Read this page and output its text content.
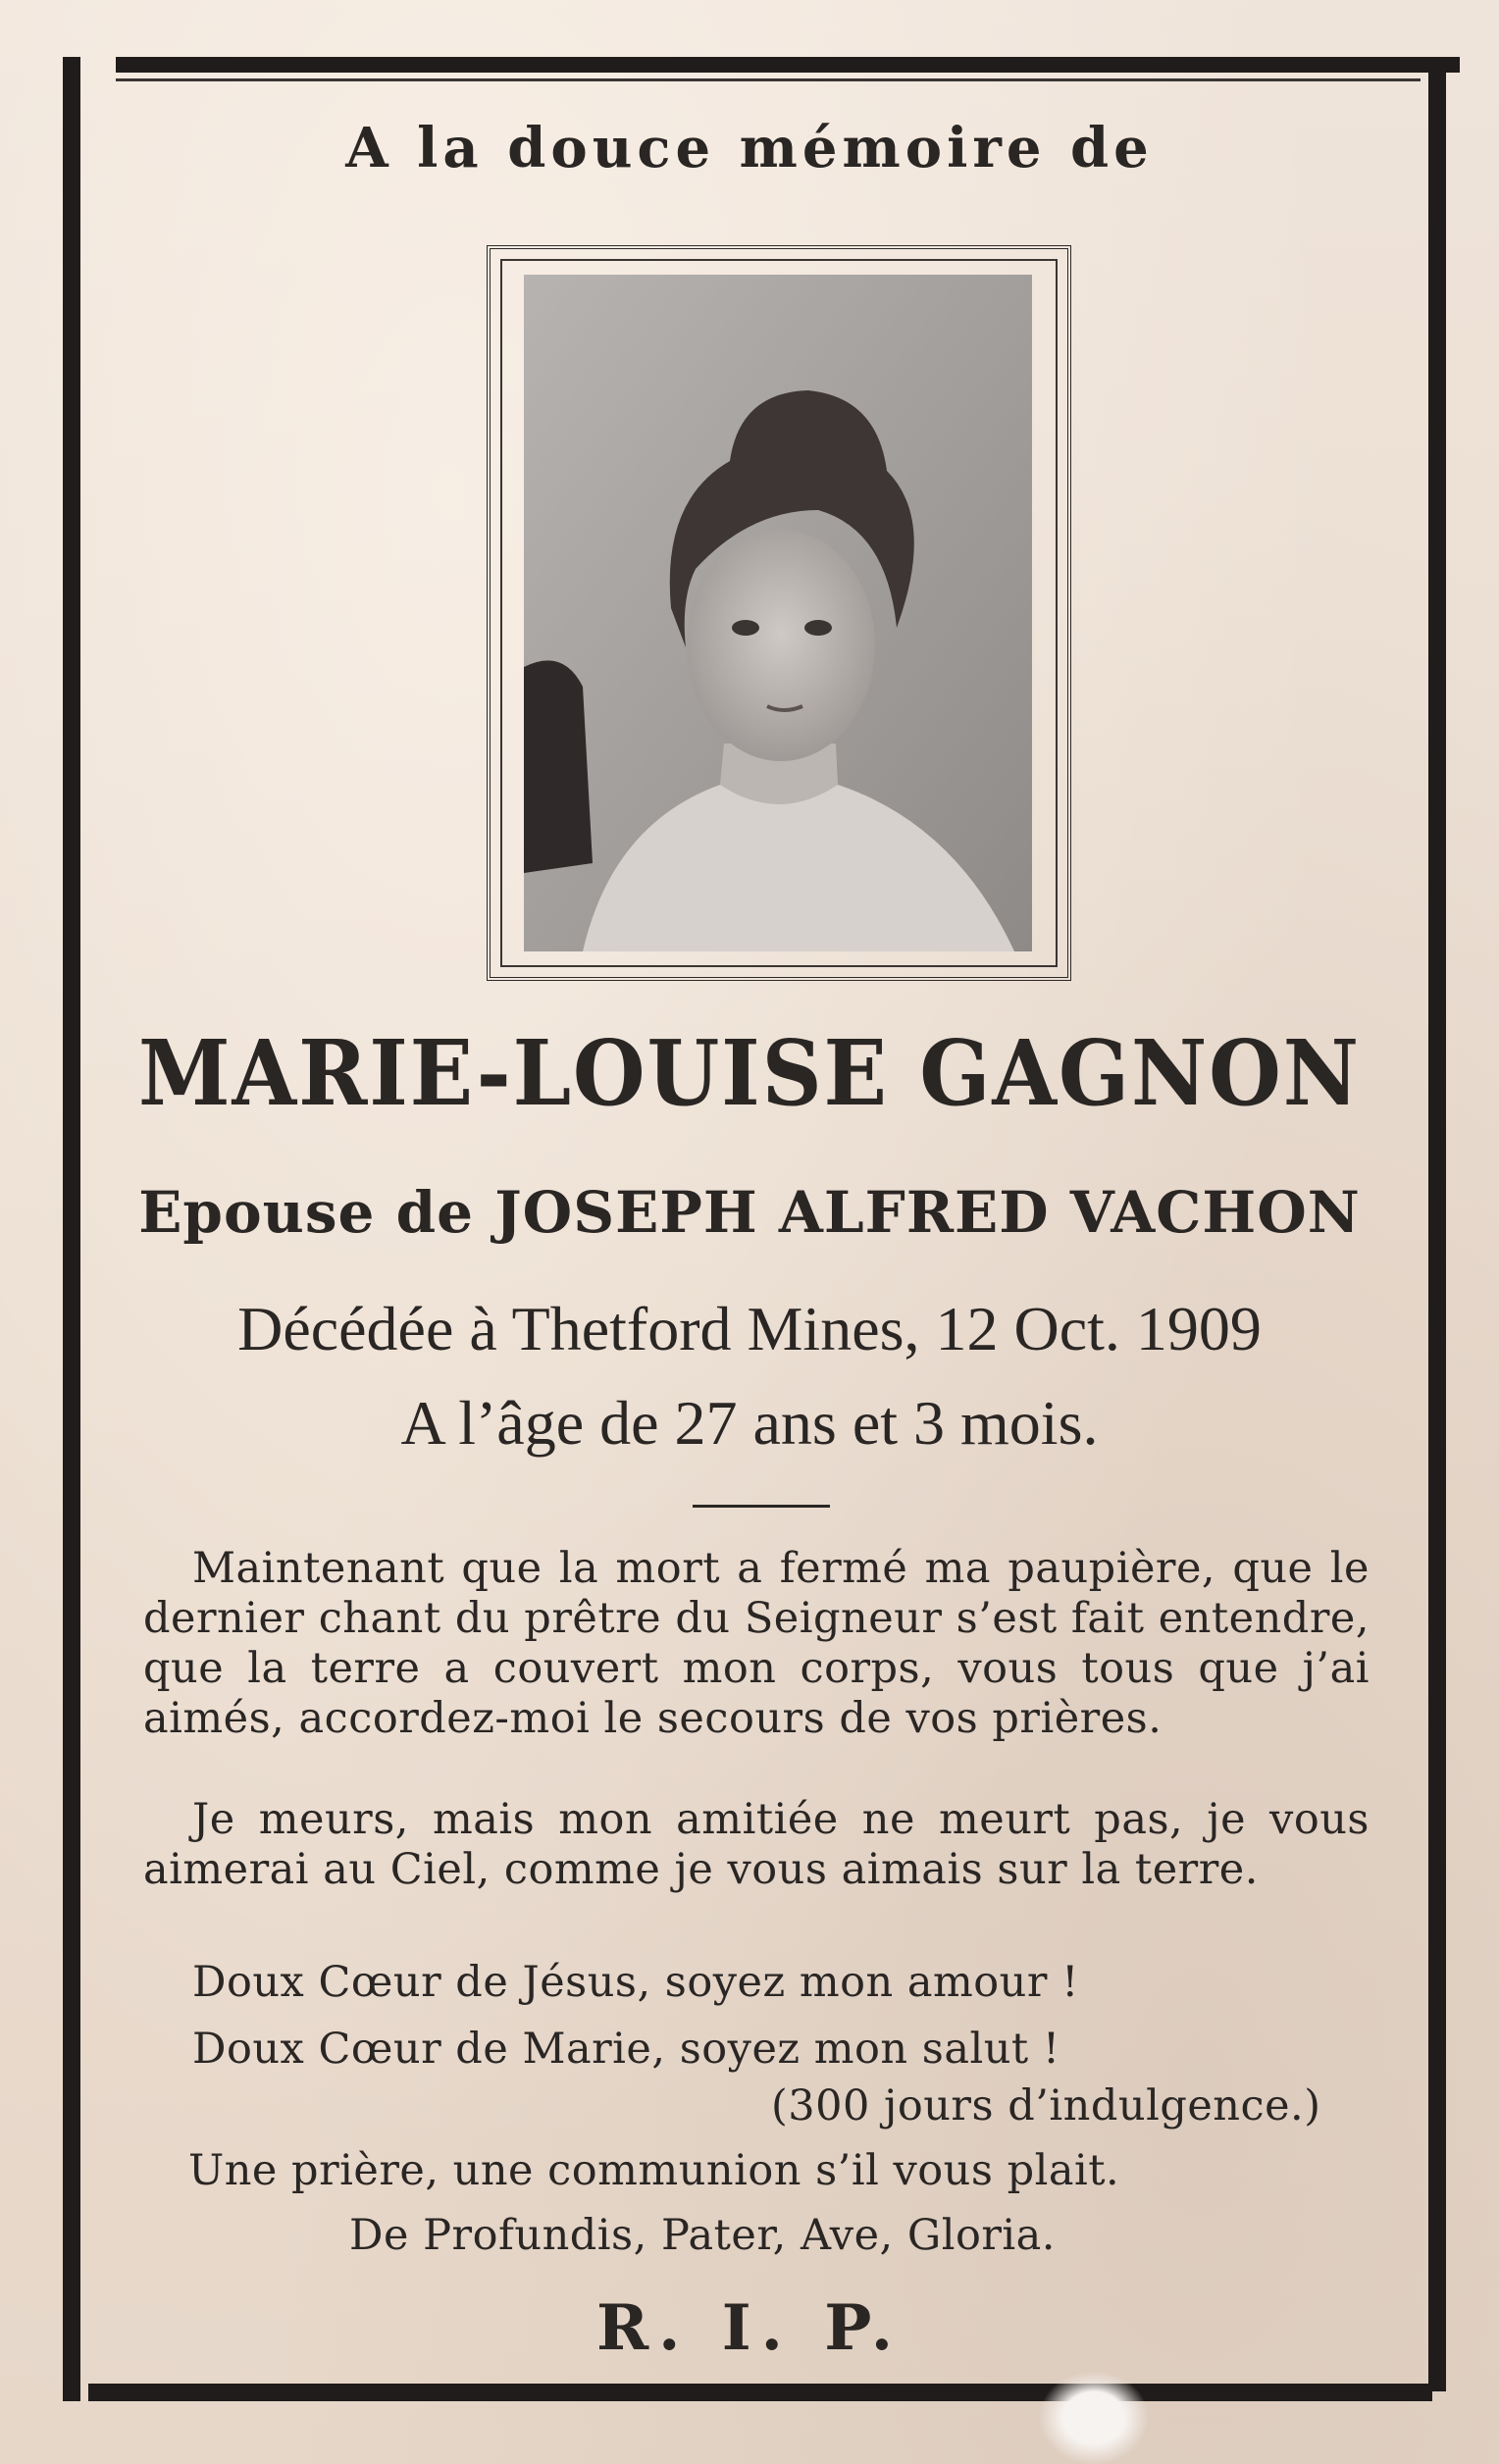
A la douce mémoire de
MARIE-LOUISE GAGNON
Epouse de JOSEPH ALFRED VACHON
Décédée à Thetford Mines, 12 Oct. 1909
A l’âge de 27 ans et 3 mois.
Maintenant que la mort a fermé ma paupière, que le dernier chant du prêtre du Seigneur s’est fait entendre, que la terre a couvert mon corps, vous tous que j’ai aimés, accordez-moi le secours de vos prières.
Je meurs, mais mon amitiée ne meurt pas, je vous aimerai au Ciel, comme je vous aimais sur la terre.
Doux Cœur de Jésus, soyez mon amour !
Doux Cœur de Marie, soyez mon salut !
(300 jours d’indulgence.)
Une prière, une communion s’il vous plait.
De Profundis, Pater, Ave, Gloria.
R. I. P.
